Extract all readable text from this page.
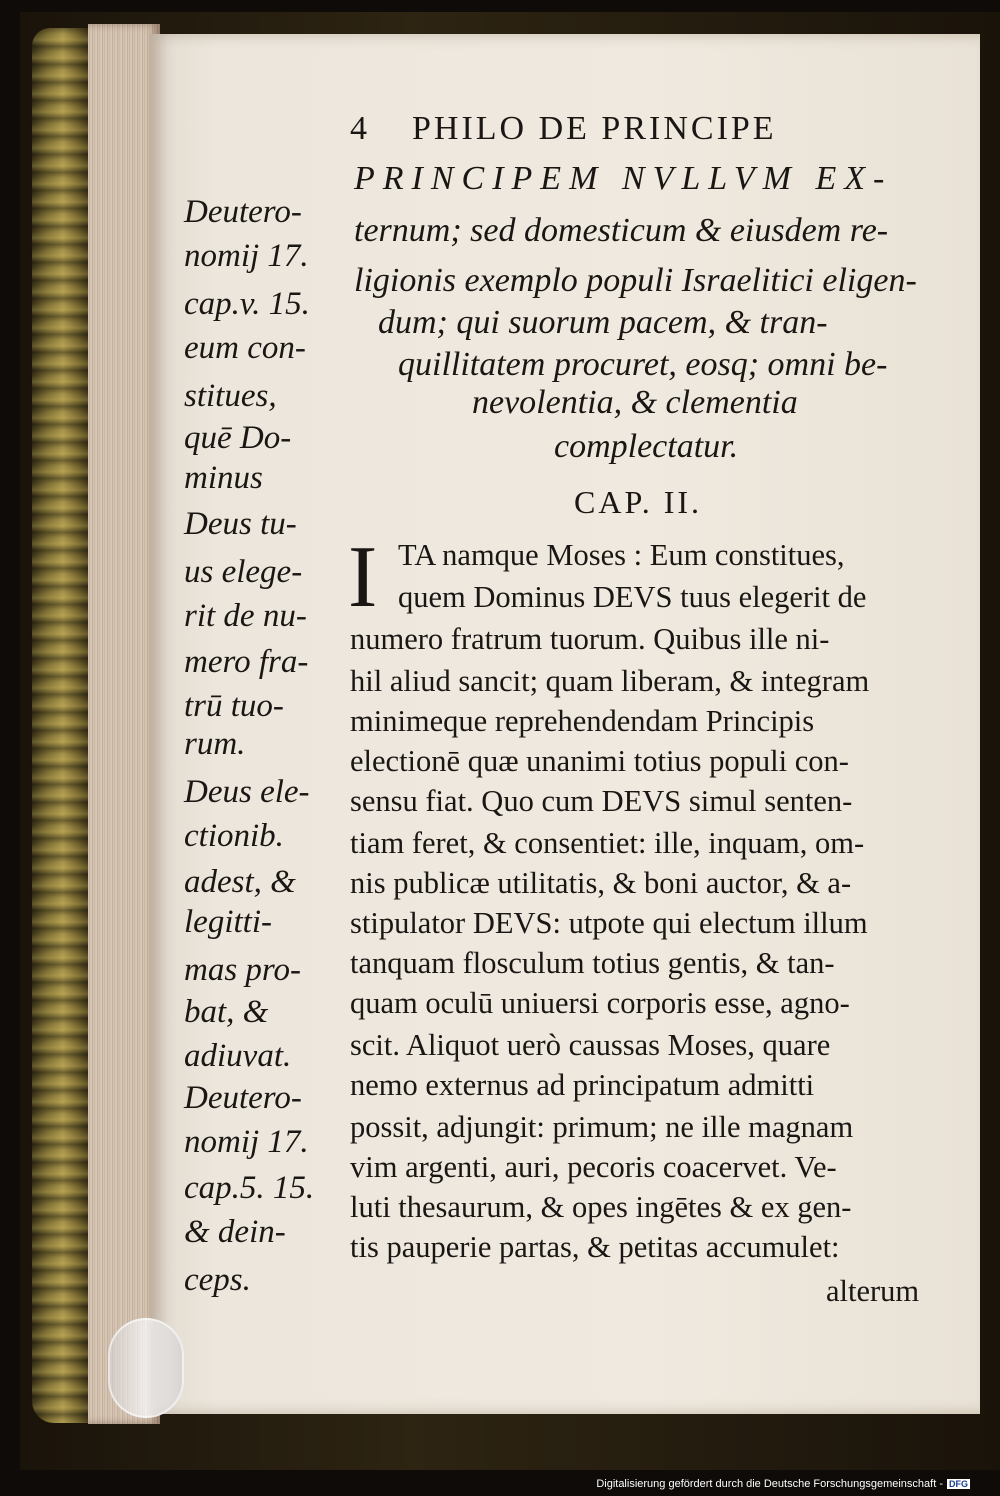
4 PHILO DE PRINCIPE
PRINCIPEM NVLLVM EX-
ternum; sed domesticum & eiusdem re-
ligionis exemplo populi Israelitici eligen-
dum; qui suorum pacem, & tran-
quillitatem procuret, eosq; omni be-
nevolentia, & clementia
complectatur.
CAP. II.
I TA namque Moses : Eum constitues,
quem Dominus DEVS tuus elegerit de
numero fratrum tuorum. Quibus ille ni-
hil aliud sancit; quam liberam, & integram
minimeque reprehendendam Principis
electionē quæ unanimi totius populi con-
sensu fiat. Quo cum DEVS simul senten-
tiam feret, & consentiet: ille, inquam, om-
nis publicæ utilitatis, & boni auctor, & a-
stipulator DEVS: utpote qui electum illum
tanquam flosculum totius gentis, & tan-
quam oculū uniuersi corporis esse, agno-
scit. Aliquot uerò caussas Moses, quare
nemo externus ad principatum admitti
possit, adjungit: primum; ne ille magnam
vim argenti, auri, pecoris coacervet. Ve-
luti thesaurum, & opes ingētes & ex gen-
tis pauperie partas, & petitas accumulet:
alterum
Deutero-
nomij 17.
cap.v. 15.
eum con-
stitues,
quē Do-
minus
Deus tu-
us elege-
rit de nu-
mero fra-
trū tuo-
rum.
Deus ele-
ctionib.
adest, &
legitti-
mas pro-
bat, &
adiuvat.
Deutero-
nomij 17.
cap.5. 15.
& dein-
ceps.
Digitalisierung gefördert durch die Deutsche Forschungsgemeinschaft - DFG
